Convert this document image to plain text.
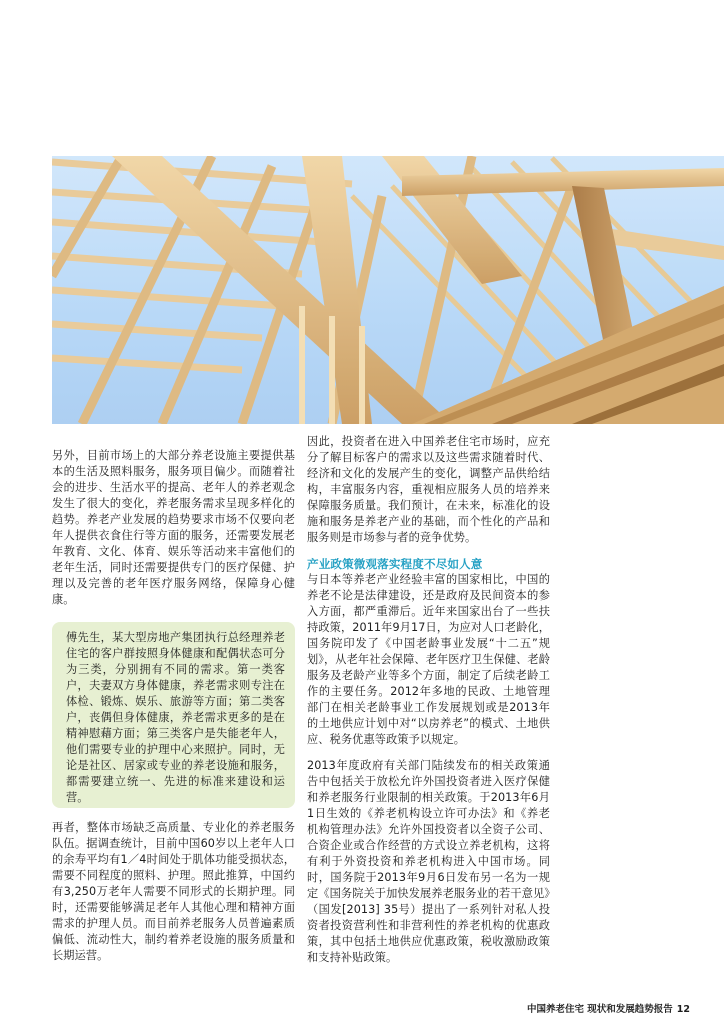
另外，目前市场上的大部分养老设施主要提供基本的生活及照料服务，服务项目偏少。而随着社会的进步、生活水平的提高、老年人的养老观念发生了很大的变化，养老服务需求呈现多样化的趋势。养老产业发展的趋势要求市场不仅要向老年人提供衣食住行等方面的服务，还需要发展老年教育、文化、体育、娱乐等活动来丰富他们的老年生活，同时还需要提供专门的医疗保健、护理以及完善的老年医疗服务网络，保障身心健康。

傅先生，某大型房地产集团执行总经理养老住宅的客户群按照身体健康和配偶状态可分为三类，分别拥有不同的需求。第一类客户，夫妻双方身体健康，养老需求则专注在体检、锻炼、娱乐、旅游等方面；第二类客户，丧偶但身体健康，养老需求更多的是在精神慰藉方面；第三类客户是失能老年人，他们需要专业的护理中心来照护。同时，无论是社区、居家或专业的养老设施和服务，都需要建立统一、先进的标准来建设和运营。

再者，整体市场缺乏高质量、专业化的养老服务队伍。据调查统计，目前中国60岁以上老年人口的余寿平均有1／4时间处于肌体功能受损状态，需要不同程度的照料、护理。照此推算，中国约有3,250万老年人需要不同形式的长期护理。同时，还需要能够满足老年人其他心理和精神方面需求的护理人员。而目前养老服务人员普遍素质偏低、流动性大，制约着养老设施的服务质量和长期运营。

因此，投资者在进入中国养老住宅市场时，应充分了解目标客户的需求以及这些需求随着时代、经济和文化的发展产生的变化，调整产品供给结构，丰富服务内容，重视相应服务人员的培养来保障服务质量。我们预计，在未来，标准化的设施和服务是养老产业的基础，而个性化的产品和服务则是市场参与者的竞争优势。

产业政策微观落实程度不尽如人意

与日本等养老产业经验丰富的国家相比，中国的养老不论是法律建设，还是政府及民间资本的参入方面，都严重滞后。近年来国家出台了一些扶持政策，2011年9月17日，为应对人口老龄化，国务院印发了《中国老龄事业发展“十二五”规划》，从老年社会保障、老年医疗卫生保健、老龄服务及老龄产业等多个方面，制定了后续老龄工作的主要任务。2012年多地的民政、土地管理部门在相关老龄事业工作发展规划或是2013年的土地供应计划中对“以房养老”的模式、土地供应、税务优惠等政策予以规定。

2013年度政府有关部门陆续发布的相关政策通告中包括关于放松允许外国投资者进入医疗保健和养老服务行业限制的相关政策。于2013年6月1日生效的《养老机构设立许可办法》和《养老机构管理办法》允许外国投资者以全资子公司、合资企业或合作经营的方式设立养老机构，这将有利于外资投资和养老机构进入中国市场。同时，国务院于2013年9月6日发布另一名为一规定《国务院关于加快发展养老服务业的若干意见》（国发[2013] 35号）提出了一系列针对私人投资者投资营利性和非营利性的养老机构的优惠政策，其中包括土地供应优惠政策，税收激励政策和支持补贴政策。

中国养老住宅 现状和发展趋势报告 12
